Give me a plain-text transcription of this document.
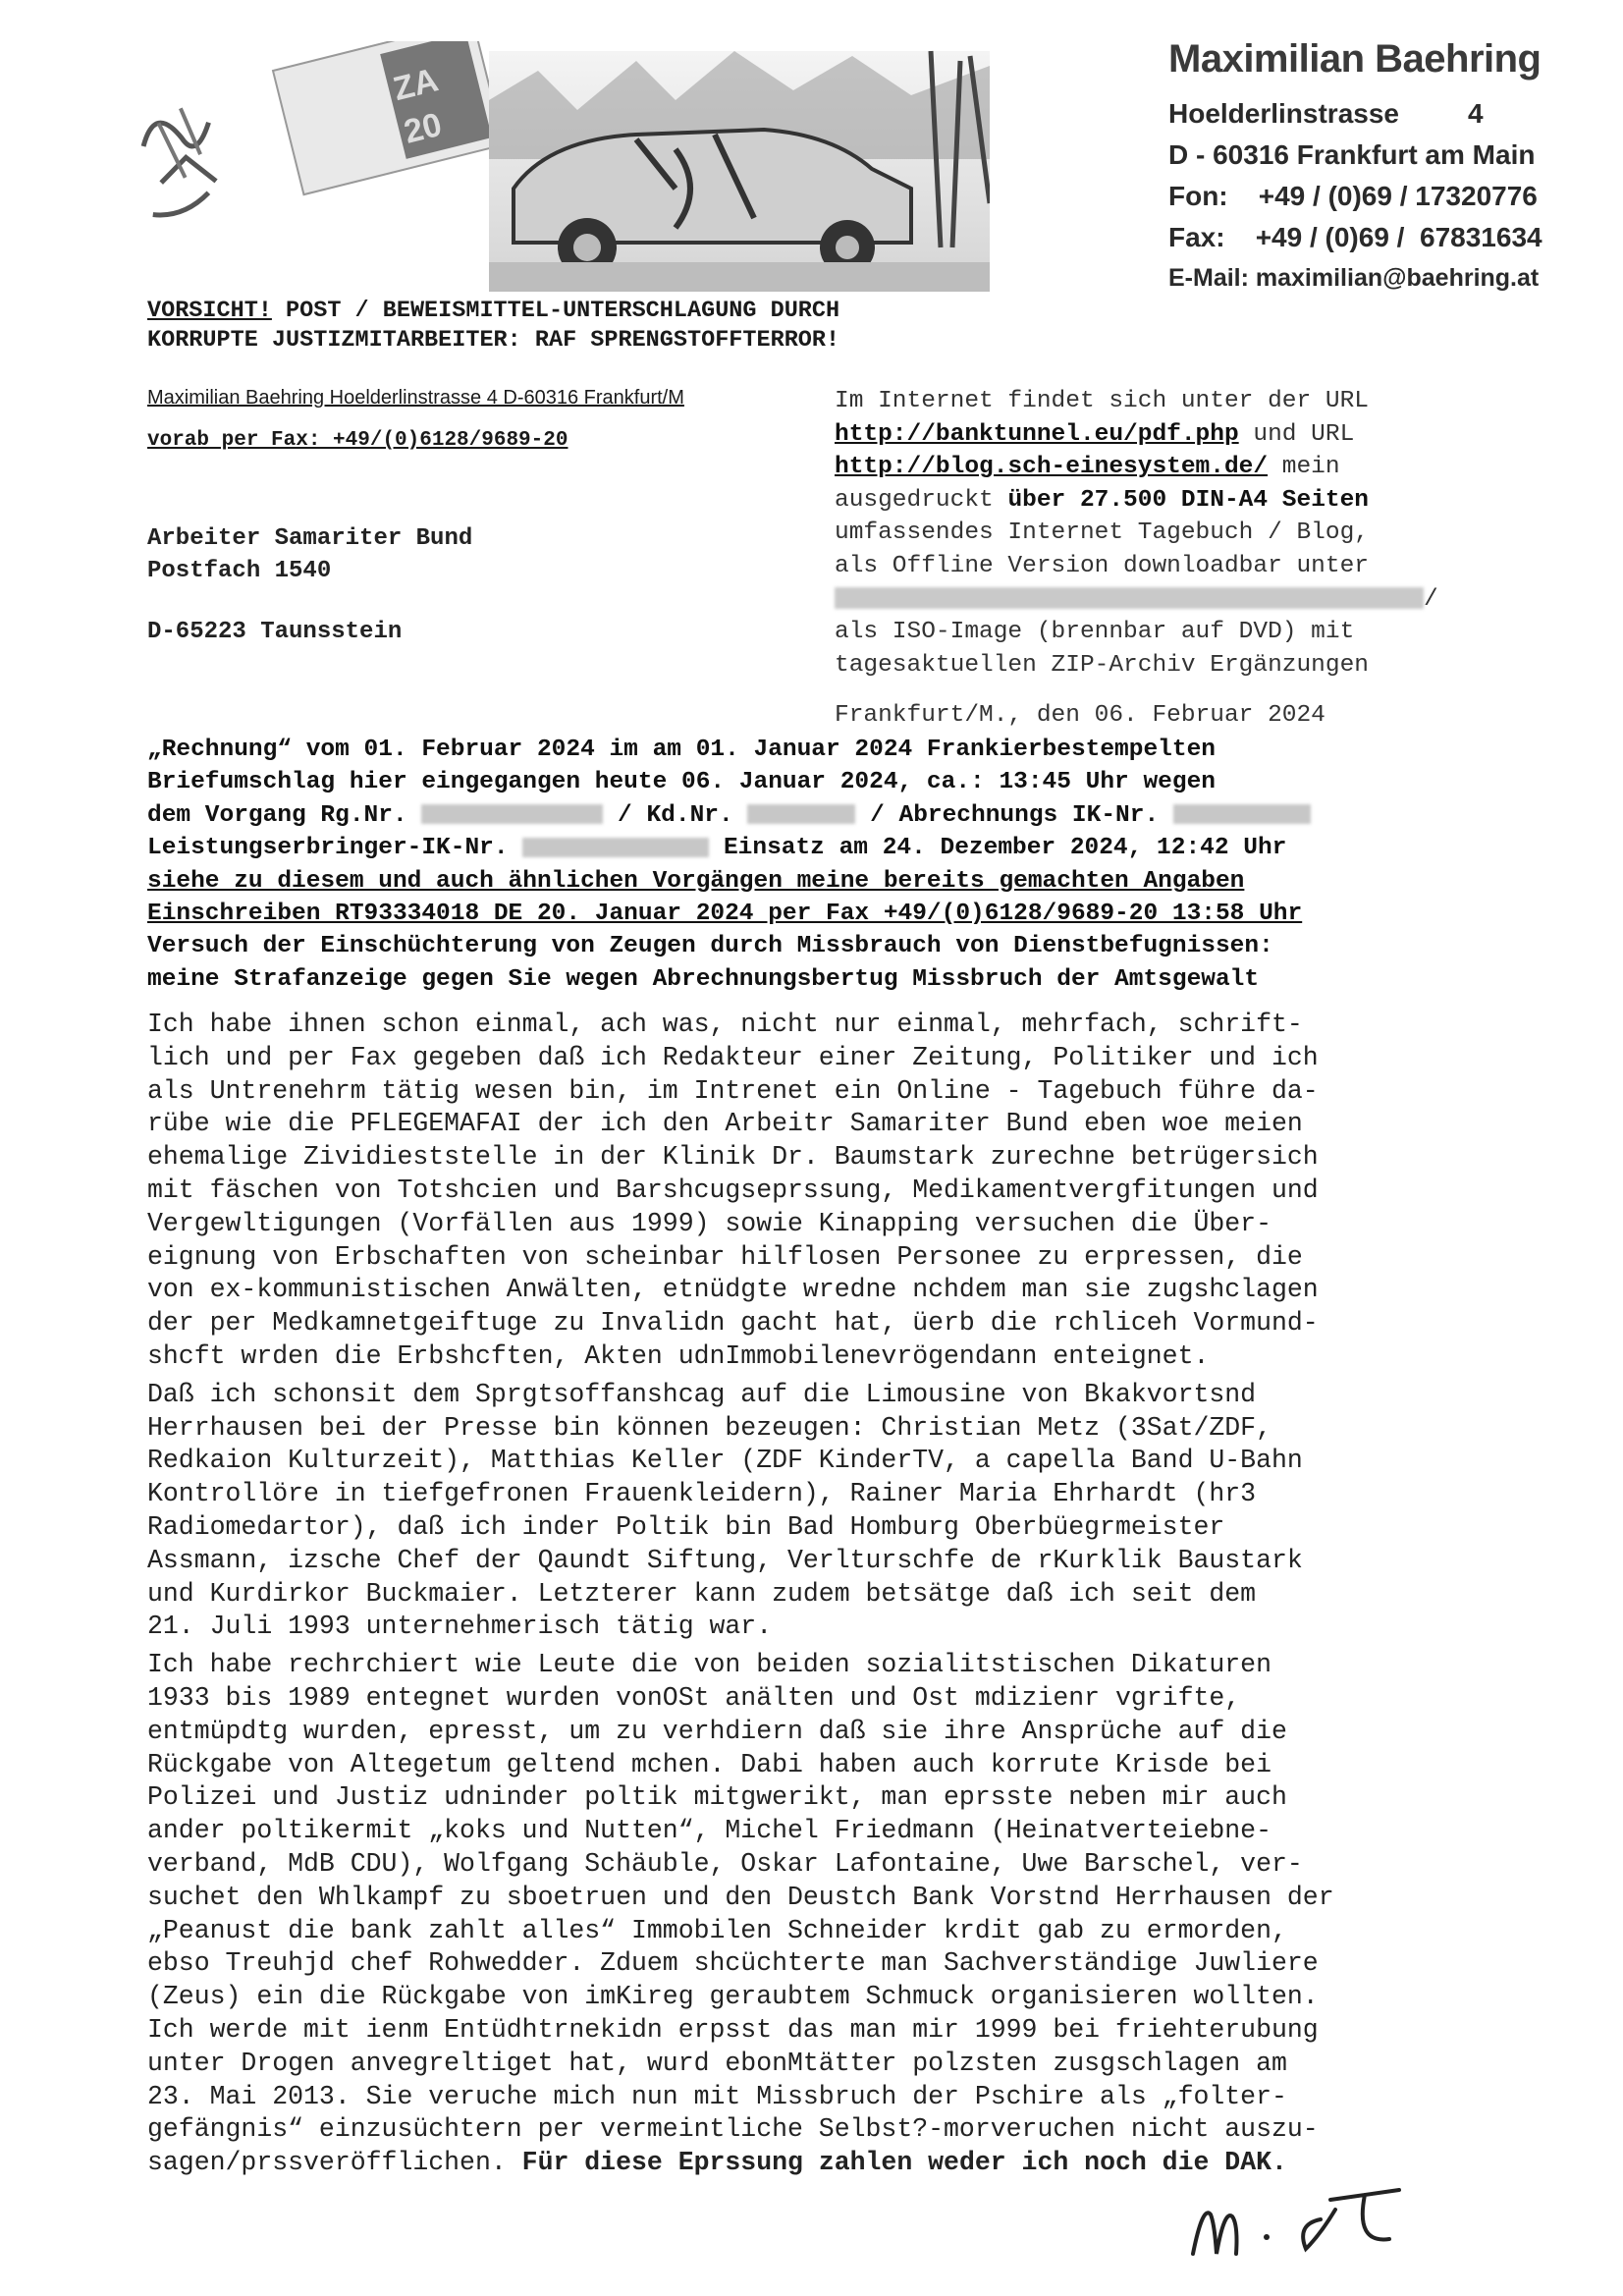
ZA
20
Maximilian Baehring
Hoelderlinstrasse         4
D - 60316 Frankfurt am Main
Fon:    +49 / (0)69 / 17320776
Fax:    +49 / (0)69 /  67831634
E-Mail: maximilian@baehring.at
VORSICHT! POST / BEWEISMITTEL-UNTERSCHLAGUNG DURCH
KORRUPTE JUSTIZMITARBEITER: RAF SPRENGSTOFFTERROR!
Maximilian Baehring Hoelderlinstrasse 4 D-60316 Frankfurt/M
vorab per Fax: +49/(0)6128/9689-20
Arbeiter Samariter Bund
Postfach 1540
D-65223 Taunsstein
Im Internet findet sich unter der URL
http://banktunnel.eu/pdf.php und URL
http://blog.sch-einesystem.de/ mein
ausgedruckt über 27.500 DIN-A4 Seiten
umfassendes Internet Tagebuch / Blog,
als Offline Version downloadbar unter
/
als ISO-Image (brennbar auf DVD) mit
tagesaktuellen ZIP-Archiv Ergänzungen
Frankfurt/M., den 06. Februar 2024
„Rechnung“ vom 01. Februar 2024 im am 01. Januar 2024 Frankierbestempelten
Briefumschlag hier eingegangen heute 06. Januar 2024, ca.: 13:45 Uhr wegen
dem Vorgang Rg.Nr.	/ Kd.Nr.	/ Abrechnungs IK-Nr.
Leistungserbringer-IK-Nr.	Einsatz am 24. Dezember 2024, 12:42 Uhr
siehe zu diesem und auch ähnlichen Vorgängen meine bereits gemachten Angaben
Einschreiben RT93334018 DE 20. Januar 2024 per Fax +49/(0)6128/9689-20 13:58 Uhr
Versuch der Einschüchterung von Zeugen durch Missbrauch von Dienstbefugnissen:
meine Strafanzeige gegen Sie wegen Abrechnungsbertug Missbruch der Amtsgewalt

Ich habe ihnen schon einmal, ach was, nicht nur einmal, mehrfach, schrift-
lich und per Fax gegeben daß ich Redakteur einer Zeitung, Politiker und ich
als Untrenehrm tätig wesen bin, im Intrenet ein Online - Tagebuch führe da-
rübe wie die PFLEGEMAFAI der ich den Arbeitr Samariter Bund eben woe meien
ehemalige Zividieststelle in der Klinik Dr. Baumstark zurechne betrügersich
mit fäschen von Totshcien und Barshcugseprssung, Medikamentvergfitungen und
Vergewltigungen (Vorfällen aus 1999) sowie Kinapping versuchen die Über-
eignung von Erbschaften von scheinbar hilflosen Personee zu erpressen, die
von ex-kommunistischen Anwälten, etnüdgte wredne nchdem man sie zugshclagen
der per Medkamnetgeiftuge zu Invalidn gacht hat, üerb die rchliceh Vormund-
shcft wrden die Erbshcften, Akten udnImmobilenevrögendann enteignet.

Daß ich schonsit dem Sprgtsoffanshcag auf die Limousine von Bkakvortsnd
Herrhausen bei der Presse bin können bezeugen: Christian Metz (3Sat/ZDF,
Redkaion Kulturzeit), Matthias Keller (ZDF KinderTV, a capella Band U-Bahn
Kontrollöre in tiefgefronen Frauenkleidern), Rainer Maria Ehrhardt (hr3
Radiomedartor), daß ich inder Poltik bin Bad Homburg Oberbüegrmeister
Assmann, izsche Chef der Qaundt Siftung, Verlturschfe de rKurklik Baustark
und Kurdirkor Buckmaier. Letzterer kann zudem betsätge daß ich seit dem
21. Juli 1993 unternehmerisch tätig war.

Ich habe rechrchiert wie Leute die von beiden sozialitstischen Dikaturen
1933 bis 1989 entegnet wurden vonOSt anälten und Ost mdizienr vgrifte,
entmüpdtg wurden, epresst, um zu verhdiern daß sie ihre Ansprüche auf die
Rückgabe von Altegetum geltend mchen. Dabi haben auch korrute Krisde bei
Polizei und Justiz udninder poltik mitgwerikt, man eprsste neben mir auch
ander poltikermit „koks und Nutten“, Michel Friedmann (Heinatverteiebne-
verband, MdB CDU), Wolfgang Schäuble, Oskar Lafontaine, Uwe Barschel, ver-
suchet den Whlkampf zu sboetruen und den Deustch Bank Vorstnd Herrhausen der
„Peanust die bank zahlt alles“ Immobilen Schneider krdit gab zu ermorden,
ebso Treuhjd chef Rohwedder. Zduem shcüchterte man Sachverständige Juwliere
(Zeus) ein die Rückgabe von imKireg geraubtem Schmuck organisieren wollten.
Ich werde mit ienm Entüdhtrnekidn erpsst das man mir 1999 bei friehterubung
unter Drogen anvegreltiget hat, wurd ebonMtätter polzsten zusgschlagen am
23. Mai 2013. Sie veruche mich nun mit Missbruch der Pschire als „folter-
gefängnis“ einzusüchtern per vermeintliche Selbst?-morveruchen nicht auszu-
sagen/prssveröfflichen. Für diese Eprssung zahlen weder ich noch die DAK.
